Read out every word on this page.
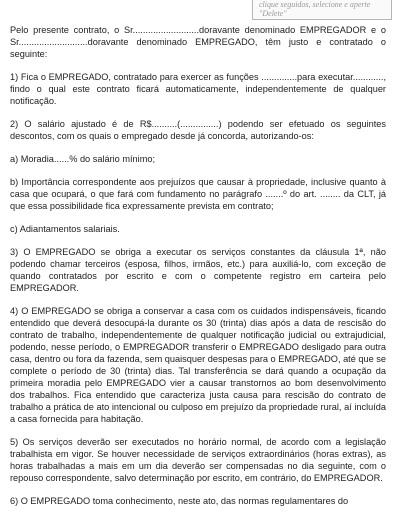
clique seguidos, selecione e aperte "Delete"

Pelo presente contrato, o Sr..........................doravante denominado EMPREGADOR e o Sr...........................doravante denominado EMPREGADO, têm justo e contratado o seguinte:

1) Fica o EMPREGADO, contratado para exercer as funções ..............para executar............, findo o qual este contrato ficará automaticamente, independentemente de qualquer notificação.

2) O salário ajustado é de R$..........(...............) podendo ser efetuado os seguintes descontos, com os quais o empregado desde já concorda, autorizando-os:

a) Moradia......% do salário mínimo;

b) Importância correspondente aos prejuízos que causar à propriedade, inclusive quanto à casa que ocupará, o que fará com fundamento no parágrafo .......º do art. ........ da CLT, já que essa possibilidade fica expressamente prevista em contrato;

c) Adiantamentos salariais.

3) O EMPREGADO se obriga a executar os serviços constantes da cláusula 1ª, não podendo chamar terceiros (esposa, filhos, irmãos, etc.) para auxiliá-lo, com exceção de quando contratados por escrito e com o competente registro em carteira pelo EMPREGADOR.

4) O EMPREGADO se obriga a conservar a casa com os cuidados indispensáveis, ficando entendido que deverá desocupá-la durante os 30 (trinta) dias após a data de rescisão do contrato de trabalho, independentemente de qualquer notificação judicial ou extrajudicial, podendo, nesse período, o EMPREGADOR transferir o EMPREGADO desligado para outra casa, dentro ou fora da fazenda, sem quaisquer despesas para o EMPREGADO, até que se complete o período de 30 (trinta) dias. Tal transferência se dará quando a ocupação da primeira moradia pelo EMPREGADO vier a causar transtornos ao bom desenvolvimento dos trabalhos. Fica entendido que caracteriza justa causa para rescisão do contrato de trabalho a prática de ato intencional ou culposo em prejuízo da propriedade rural, aí incluída a casa fornecida para habitação.

5) Os serviços deverão ser executados no horário normal, de acordo com a legislação trabalhista em vigor. Se houver necessidade de serviços extraordinários (horas extras), as horas trabalhadas a mais em um dia deverão ser compensadas no dia seguinte, com o repouso correspondente, salvo determinação por escrito, em contrário, do EMPREGADOR.

6) O EMPREGADO toma conhecimento, neste ato, das normas regulamentares do
